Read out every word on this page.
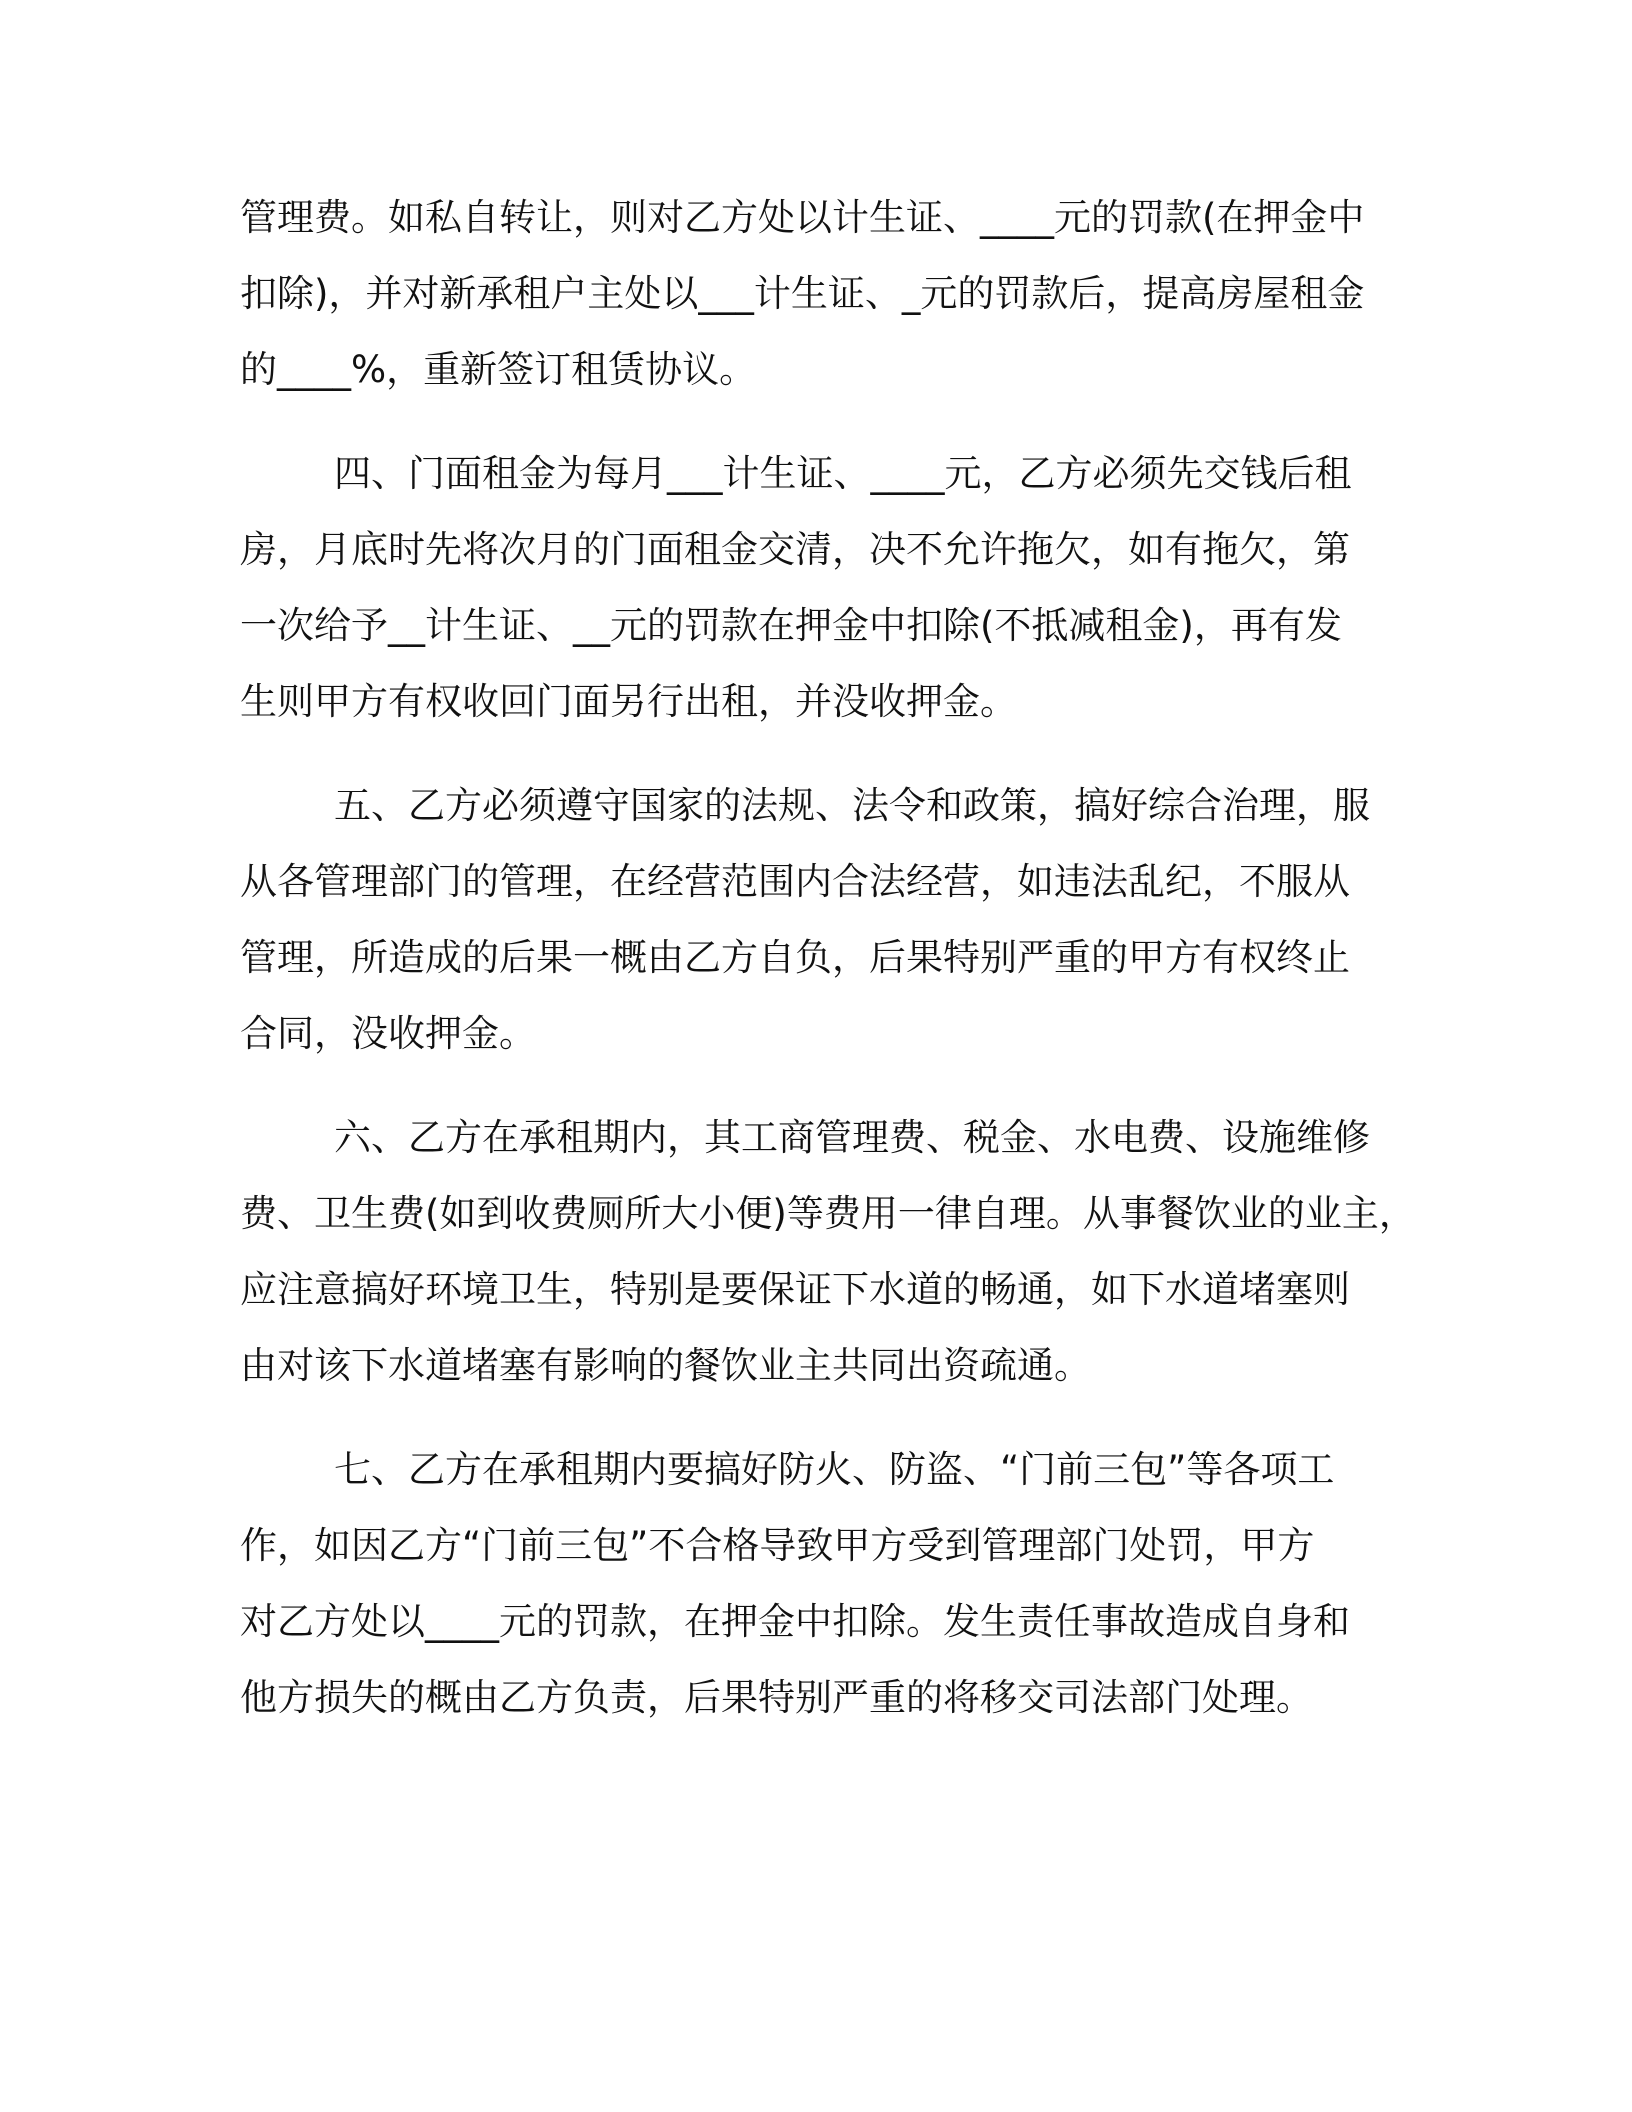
管理费。如私自转让，则对乙方处以计生证、____元的罚款(在押金中
扣除)，并对新承租户主处以___计生证、_元的罚款后，提高房屋租金
的____%，重新签订租赁协议。
四、门面租金为每月___计生证、____元，乙方必须先交钱后租
房，月底时先将次月的门面租金交清，决不允许拖欠，如有拖欠，第
一次给予__计生证、__元的罚款在押金中扣除(不抵减租金)，再有发
生则甲方有权收回门面另行出租，并没收押金。
五、乙方必须遵守国家的法规、法令和政策，搞好综合治理，服
从各管理部门的管理，在经营范围内合法经营，如违法乱纪，不服从
管理，所造成的后果一概由乙方自负，后果特别严重的甲方有权终止
合同，没收押金。
六、乙方在承租期内，其工商管理费、税金、水电费、设施维修
费、卫生费(如到收费厕所大小便)等费用一律自理。从事餐饮业的业主，
应注意搞好环境卫生，特别是要保证下水道的畅通，如下水道堵塞则
由对该下水道堵塞有影响的餐饮业主共同出资疏通。
七、乙方在承租期内要搞好防火、防盗、“门前三包”等各项工
作，如因乙方“门前三包”不合格导致甲方受到管理部门处罚，甲方
对乙方处以____元的罚款，在押金中扣除。发生责任事故造成自身和
他方损失的概由乙方负责，后果特别严重的将移交司法部门处理。
